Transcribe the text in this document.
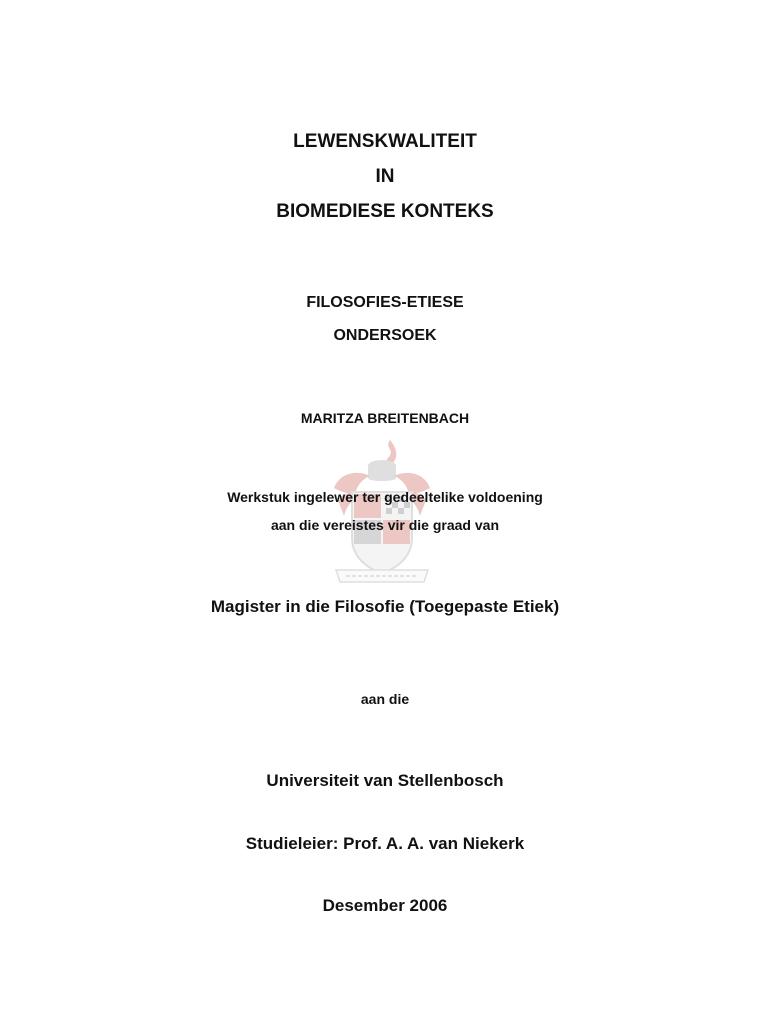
LEWENSKWALITEIT
IN
BIOMEDIESE KONTEKS
FILOSOFIES-ETIESE
ONDERSOEK
MARITZA BREITENBACH
Werkstuk ingelewer ter gedeeltelike voldoening
aan die vereistes vir die graad van
Magister in die Filosofie (Toegepaste Etiek)
aan die
Universiteit van Stellenbosch
Studieleier: Prof. A. A. van Niekerk
Desember 2006
